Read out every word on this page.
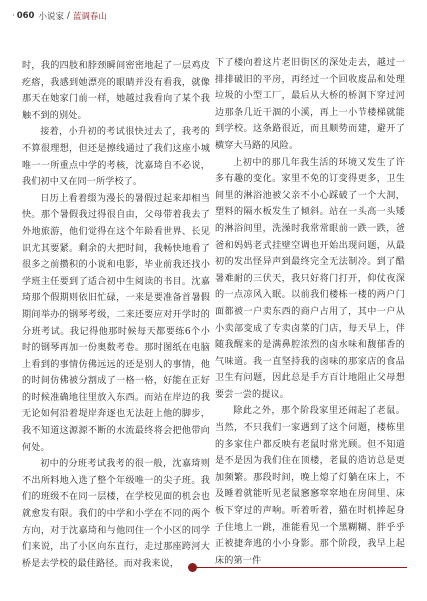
· 060 小说家 / 蓝调春山

时，我的四肢和脖颈瞬间密密地起了一层鸡皮疙瘩，我感到她漂亮的眼睛并没有看我，就像那天在她家门前一样，她越过我看向了某个我触不到的别处。

接着，小升初的考试很快过去了，我考的不算很理想，但还是擦线通过了我们这座小城唯一一所重点中学的考核，沈嘉琦自不必说，我们初中又在同一所学校了。

日历上看着缀为漫长的暑假过起来却相当快。那个暑假我过得很自由，父母带着我去了外地旅游，他们觉得在这个年龄看世界、长见识尤其要紧。剩余的大把时间，我畅快地看了很多之前攒积的小说和电影，毕业前我还找小学班主任要到了适合初中生阅读的书目。沈嘉琦那个假期则依旧忙碌，一来是要准备首暑假期间举办的钢琴考级，二来还要应对开学时的分班考试。我记得他那时候每天都要练6个小时的钢琴再加一份奥数考卷。那时图纸在电脑上看到的事情仿佛远远的还是别人的事情，他的时间仿佛被分割成了一格一格，好能在正好的时候准确地往里放入东西。而站在岸边的我无论如何沿着堤岸奔逐也无法赶上他的脚步，我不知道这源源不断的水流最终将会把他带向何处。

初中的分班考试我考的很一般，沈嘉琦则不出所料地入选了整个年级唯一的尖子班。我们的班级不在同一层楼，在学校见面的机会也就愈发有限。我们的中学和小学在不同的两个方向，对于沈嘉琦和与他同住一个小区的同学们来说，出了小区向东直行，走过那座跨河大桥是去学校的最佳路径。而对我来说，

下了楼向着这片老旧街区的深处走去，越过一排排破旧的平房，再经过一个回收废品和处理垃圾的小型工厂，最后从大桥的桥洞下穿过河边那条几近干涸的小溪，再上一小节楼梯就能到学校。这条路很近，而且顺势而建，避开了横穿大马路的风险。

上初中的那几年我生活的环境又发生了许多有趣的变化。家里不免的订变得更多，卫生间里的淋浴池被父亲不小心踩破了一个大洞，塑料的隔水板发生了倾斜。站在一头高一头矮的淋浴间里，洗澡时我常常眼前一跌一跌，爸爸和妈妈老式挂壁空调也开始出现问题，从最初的发出怪异声到最终完全无法制冷。到了酷暑难耐的三伏天，我只好将门打开，仰仗夜深的一点凉风入眠。以前我们楼栋一楼的两户门面都被一户卖东西的商户占用了，其中一户从小卖部变成了专卖卤菜的门店，每天早上，伴随我醒来的是满鼻腔浓烈的卤水味和馥郁香的气味道。我一直坚持我的卤味的那家店的食品卫生有问题，因此总是手方百计地阻止父母想要尝一尝的提议。

除此之外，那个阶段家里还闹起了老鼠。当然，不只我们一家遇到了这个问题，楼栋里的多家住户都反映有老鼠时常光顾。但不知道是不是因为我们住在顶楼，老鼠的造访总是更加频繁。那段时间，晚上熄了灯躺在床上，不及睡着就能听见老鼠窸窸窣窣地在房间里、床板下穿过的声响。听着听着，猫在时机捧起身子住地上一跳，准能看见一个黑糊糊、胖乎乎正被捷奔逃的小小身影。那个阶段，我早上起床的第一件
